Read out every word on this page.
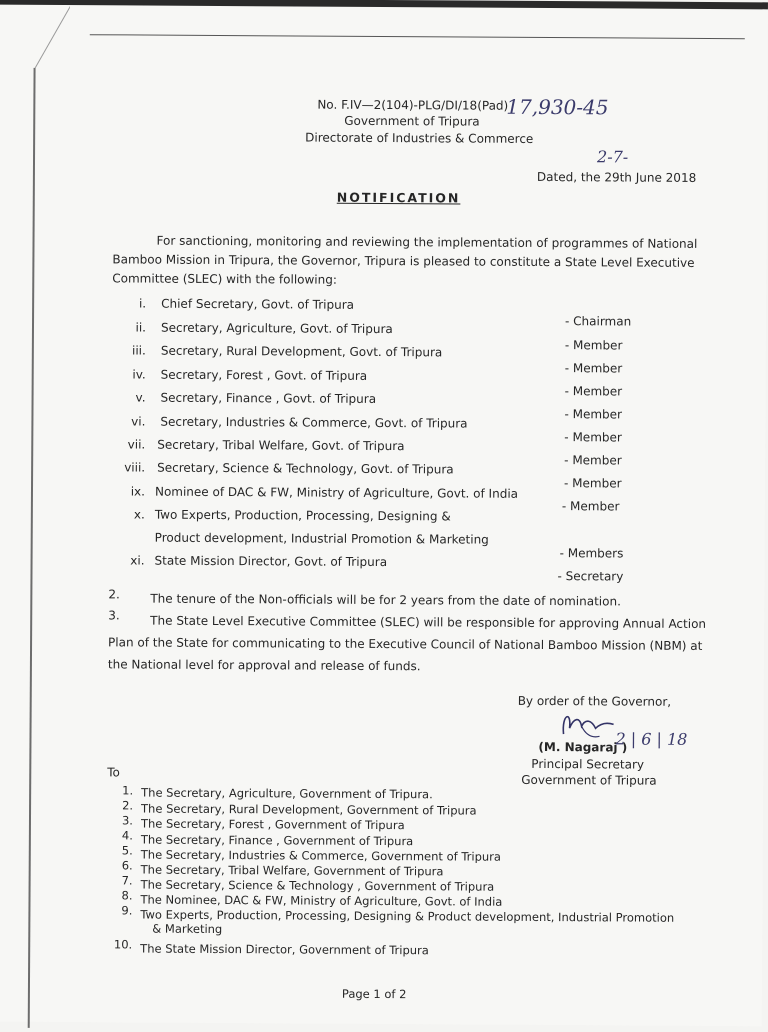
No. F.IV—2(104)-PLG/DI/18(Pad)
17,930-45
Government of Tripura
Directorate of Industries & Commerce
2-7-
Dated, the 29th June 2018
NOTIFICATION
For sanctioning, monitoring and reviewing the implementation of programmes of National
Bamboo Mission in Tripura, the Governor, Tripura is pleased to constitute a State Level Executive
Committee (SLEC) with the following:
i. Chief Secretary, Govt. of Tripura
- Chairman
ii. Secretary, Agriculture, Govt. of Tripura
- Member
iii. Secretary, Rural Development, Govt. of Tripura
- Member
iv. Secretary, Forest , Govt. of Tripura
- Member
v. Secretary, Finance , Govt. of Tripura
- Member
vi. Secretary, Industries & Commerce, Govt. of Tripura
- Member
vii. Secretary, Tribal Welfare, Govt. of Tripura
- Member
viii. Secretary, Science & Technology, Govt. of Tripura
- Member
ix. Nominee of DAC & FW, Ministry of Agriculture, Govt. of India
- Member
x. Two Experts, Production, Processing, Designing &
Product development, Industrial Promotion & Marketing
- Members
xi. State Mission Director, Govt. of Tripura
- Secretary
2.	The tenure of the Non-officials will be for 2 years from the date of nomination.
3.	The State Level Executive Committee (SLEC) will be responsible for approving Annual Action
Plan of the State for communicating to the Executive Council of National Bamboo Mission (NBM) at
the National level for approval and release of funds.
By order of the Governor,
(M. Nagaraj )
2 | 6 | 18
Principal Secretary
Government of Tripura
To
1. The Secretary, Agriculture, Government of Tripura.
2. The Secretary, Rural Development, Government of Tripura
3. The Secretary, Forest , Government of Tripura
4. The Secretary, Finance , Government of Tripura
5. The Secretary, Industries & Commerce, Government of Tripura
6. The Secretary, Tribal Welfare, Government of Tripura
7. The Secretary, Science & Technology , Government of Tripura
8. The Nominee, DAC & FW, Ministry of Agriculture, Govt. of India
9. Two Experts, Production, Processing, Designing & Product development, Industrial Promotion
& Marketing
10. The State Mission Director, Government of Tripura
Page 1 of 2
